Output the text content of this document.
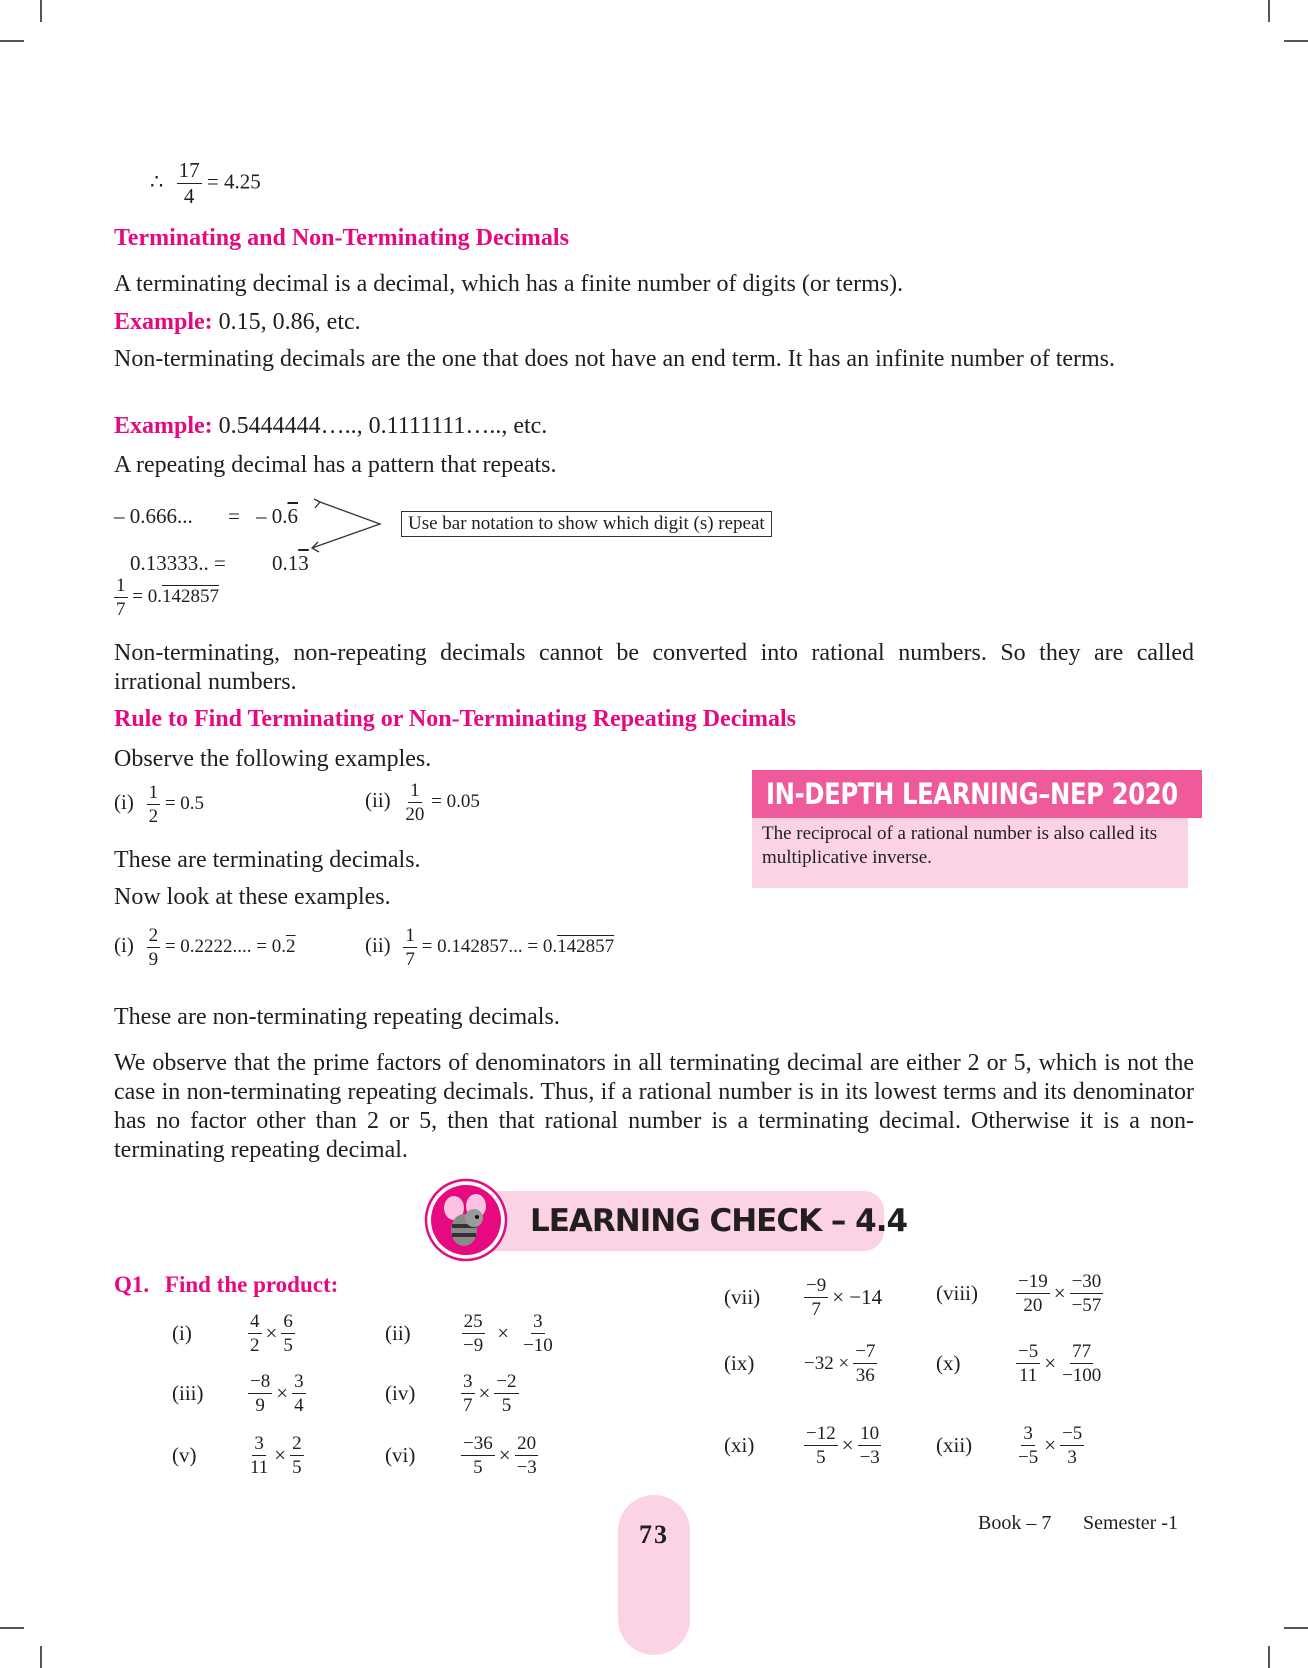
∴ $\frac{17}{4} = 4.25$
Terminating and Non-Terminating Decimals
A terminating decimal is a decimal, which has a finite number of digits (or terms).
Example: 0.15, 0.86, etc.
Non-terminating decimals are the one that does not have an end term. It has an infinite number of terms.
Example: 0.5444444….., 0.1111111….., etc.
A repeating decimal has a pattern that repeats.
– 0.666... = – 0.6
0.13333.. = 0.13
$\frac{1}{7} = 0.142857$
Use bar notation to show which digit (s) repeat
Non-terminating, non-repeating decimals cannot be converted into rational numbers. So they are called irrational numbers.
Rule to Find Terminating or Non-Terminating Repeating Decimals
Observe the following examples.
$(i) \frac{1}{2} = 0.5$	$(ii) \frac{1}{20} = 0.05$
These are terminating decimals.
Now look at these examples.
$(i) \frac{2}{9} = 0.2222$.... = 0.2	$(ii) \frac{1}{7} = 0.142857$... = 0.142857
These are non-terminating repeating decimals.
We observe that the prime factors of denominators in all terminating decimal are either 2 or 5, which is not the case in non-terminating repeating decimals. Thus, if a rational number is in its lowest terms and its denominator has no factor other than 2 or 5, then that rational number is a terminating decimal. Otherwise it is a non-terminating repeating decimal.
IN-DEPTH LEARNING–NEP 2020
The reciprocal of a rational number is also called its multiplicative inverse.
LEARNING CHECK – 4.4
Q1. Find the product:
(i)	$\frac{4}{2} \times \frac{6}{5}$	(ii)	$\frac{25}{-9} \times \frac{3}{-10}$
(iii)	$\frac{-8}{9} \times \frac{3}{4}$	(iv)	$\frac{3}{7} \times \frac{-2}{5}$
(v)	$\frac{3}{11} \times \frac{2}{5}$	(vi)	$\frac{-36}{5} \times \frac{20}{-3}$
(vii)	$\frac{-9}{7} \times -14$	(viii)	$\frac{-19}{20} \times \frac{-30}{-57}$
(ix)	$-32 \times \frac{-7}{36}$	(x)	$\frac{-5}{11} \times \frac{77}{-100}$
(xi)	$\frac{-12}{5} \times \frac{10}{-3}$	(xii)	$\frac{3}{-5} \times \frac{-5}{3}$
73	Book – 7 Semester -1
